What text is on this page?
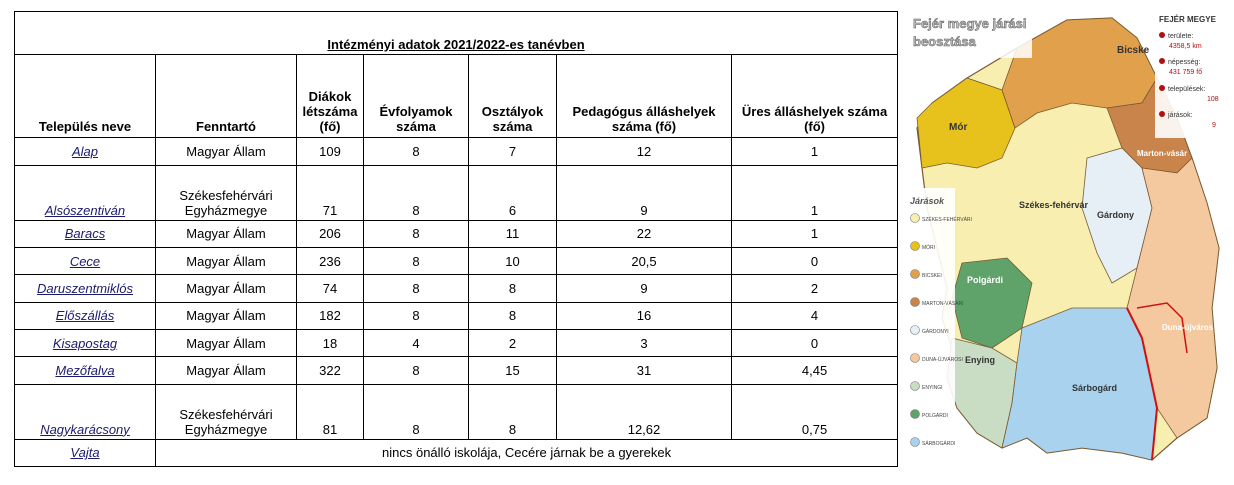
Intézményi adatok 2021/2022-es tanévben						
Település neve	Fenntartó	Diákok létszáma (fő)	Évfolyamok száma	Osztályok száma	Pedagógus álláshelyek száma (fő)	Üres álláshelyek száma (fő)
Alap	Magyar Állam	109	8	7	12	1
Alsószentiván	Székesfehérvári Egyházmegye	71	8	6	9	1
Baracs	Magyar Állam	206	8	11	22	1
Cece	Magyar Állam	236	8	10	20,5	0
Daruszentmiklós	Magyar Állam	74	8	8	9	2
Előszállás	Magyar Állam	182	8	8	16	4
Kisapostag	Magyar Állam	18	4	2	3	0
Mezőfalva	Magyar Állam	322	8	15	31	4,45
Nagykarácsony	Székesfehérvári Egyházmegye	81	8	8	12,62	0,75
Vajta	nincs önálló iskolája, Cecére járnak be a gyerekek					
Fejér megye járási
beosztása
FEJÉR MEGYE
területe:
4358,5 km
népesség:
431 759 fő
települések:
108
járások:
9
Mór
Bicske
Marton-vásár
Székes-fehérvár
Gárdony
Polgárdi
Duna-újváros
Enying
Sárbogárd
Járások
SZÉKES-FEHÉRVÁRI
MÓRI
BICSKEI
MARTON-VÁSÁRI
GÁRDONYI
DUNA-ÚJVÁROSI
ENYINGI
POLGÁRDI
SÁRBOGÁRDI
